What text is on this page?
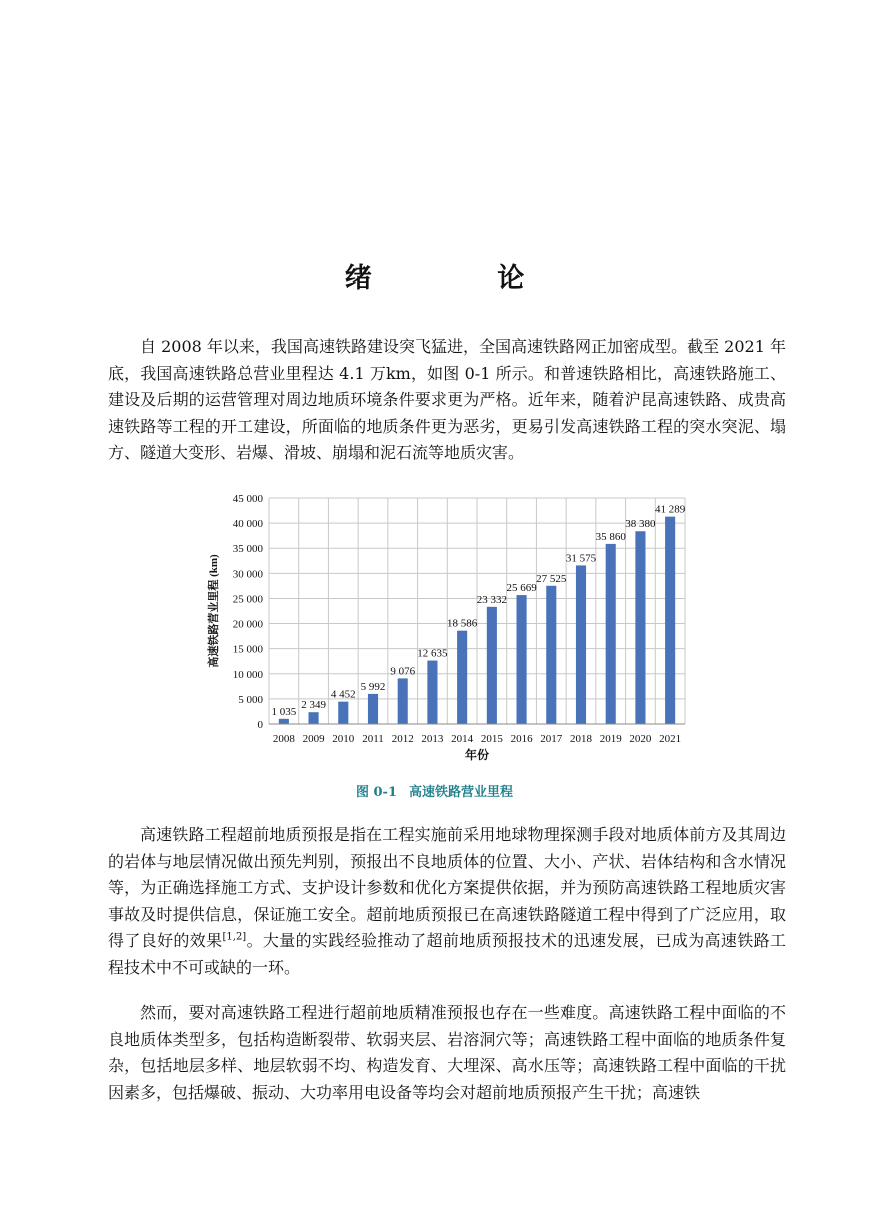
绪 论

自 2008 年以来，我国高速铁路建设突飞猛进，全国高速铁路网正加密成型。截至 2021 年底，我国高速铁路总营业里程达 4.1 万km，如图 0-1 所示。和普速铁路相比，高速铁路施工、建设及后期的运营管理对周边地质环境条件要求更为严格。近年来，随着沪昆高速铁路、成贵高速铁路等工程的开工建设，所面临的地质条件更为恶劣，更易引发高速铁路工程的突水突泥、塌方、隧道大变形、岩爆、滑坡、崩塌和泥石流等地质灾害。

0
5 000
10 000
15 000
20 000
25 000
30 000
35 000
40 000
45 000
1 035
2008
2 349
2009
4 452
2010
5 992
2011
9 076
2012
12 635
2013
18 586
2014
23 332
2015
25 669
2016
27 525
2017
31 575
2018
35 860
2019
38 380
2020
41 289
2021
年份
高速铁路营业里程 (km)
图 0-1 高速铁路营业里程

高速铁路工程超前地质预报是指在工程实施前采用地球物理探测手段对地质体前方及其周边的岩体与地层情况做出预先判别，预报出不良地质体的位置、大小、产状、岩体结构和含水情况等，为正确选择施工方式、支护设计参数和优化方案提供依据，并为预防高速铁路工程地质灾害事故及时提供信息，保证施工安全。超前地质预报已在高速铁路隧道工程中得到了广泛应用，取得了良好的效果[1,2]。大量的实践经验推动了超前地质预报技术的迅速发展，已成为高速铁路工程技术中不可或缺的一环。

然而，要对高速铁路工程进行超前地质精准预报也存在一些难度。高速铁路工程中面临的不良地质体类型多，包括构造断裂带、软弱夹层、岩溶洞穴等；高速铁路工程中面临的地质条件复杂，包括地层多样、地层软弱不均、构造发育、大埋深、高水压等；高速铁路工程中面临的干扰因素多，包括爆破、振动、大功率用电设备等均会对超前地质预报产生干扰；高速铁
